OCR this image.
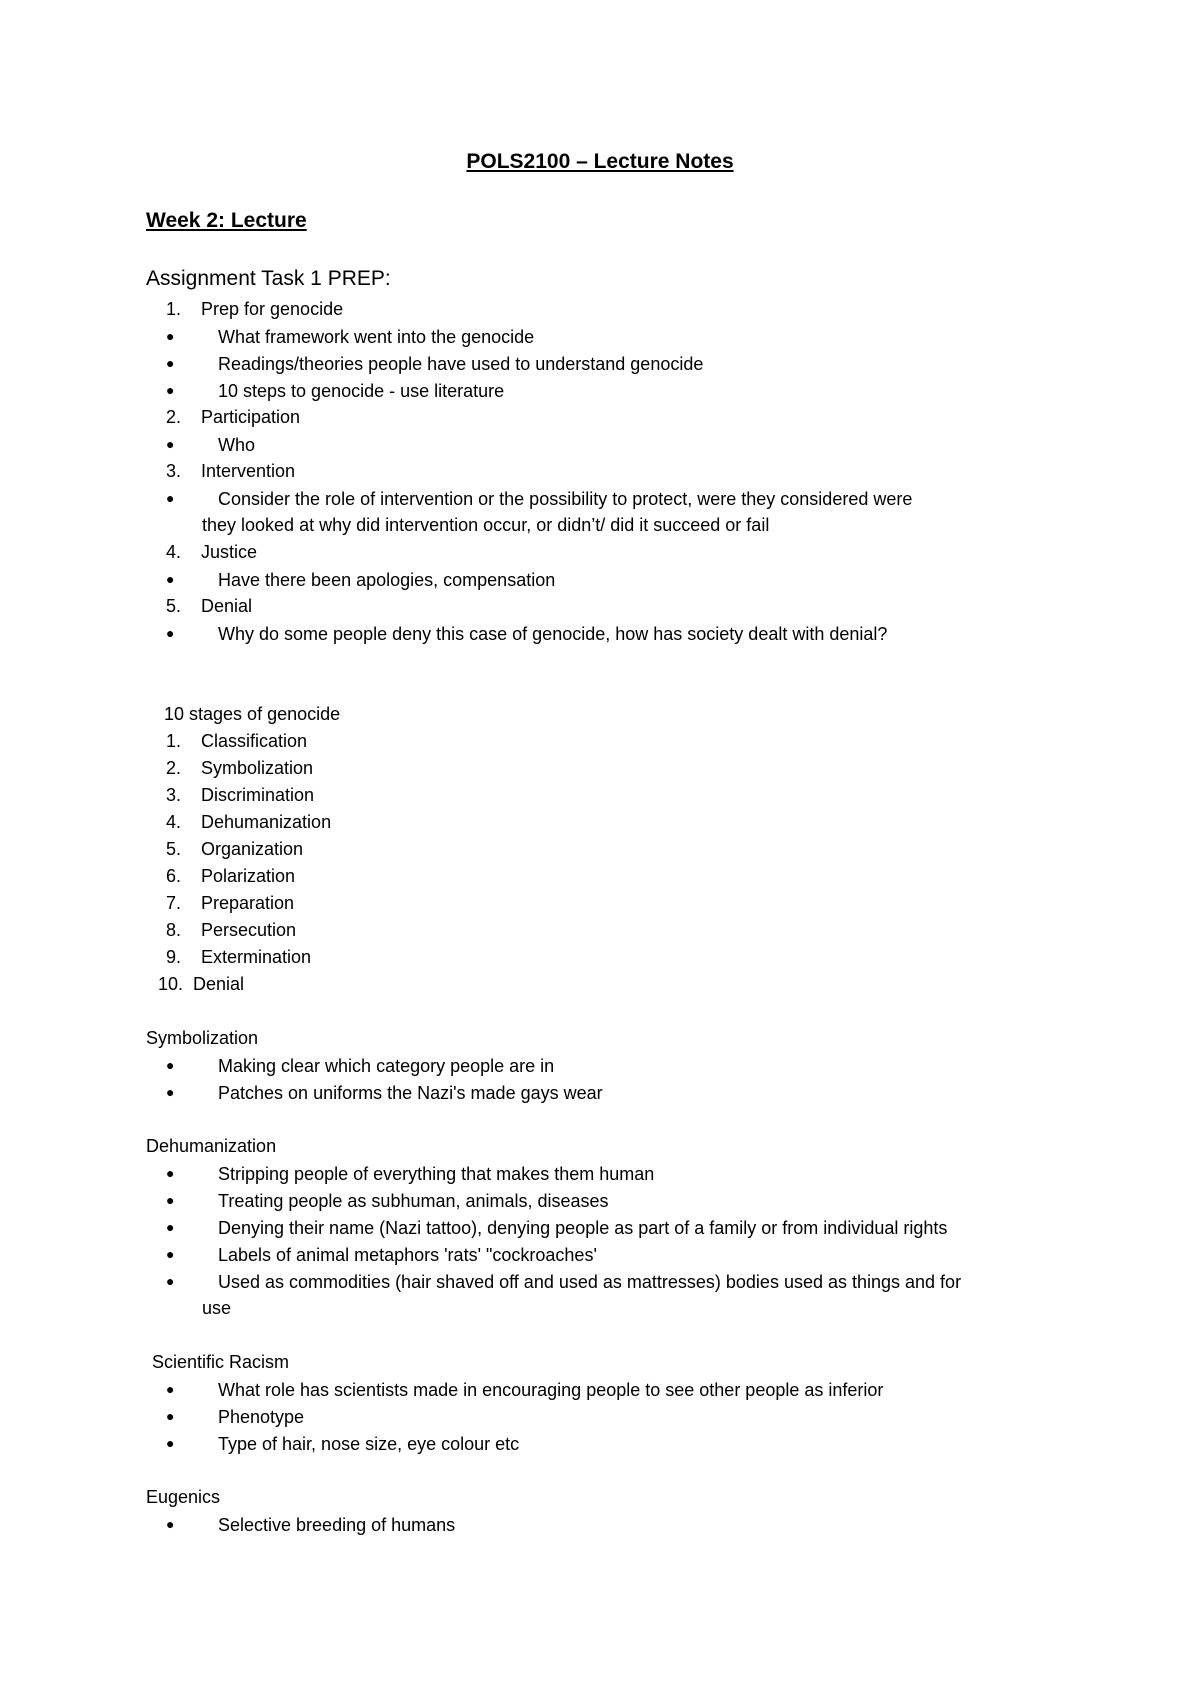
POLS2100 – Lecture Notes
Week 2: Lecture
Assignment Task 1 PREP:
1. Prep for genocide
● What framework went into the genocide
● Readings/theories people have used to understand genocide
● 10 steps to genocide - use literature
2. Participation
● Who
3. Intervention
● Consider the role of intervention or the possibility to protect, were they considered were
they looked at why did intervention occur, or didn’t/ did it succeed or fail
4. Justice
● Have there been apologies, compensation
5. Denial
● Why do some people deny this case of genocide, how has society dealt with denial?
10 stages of genocide
1. Classification
2. Symbolization
3. Discrimination
4. Dehumanization
5. Organization
6. Polarization
7. Preparation
8. Persecution
9. Extermination
10. Denial
Symbolization
● Making clear which category people are in
● Patches on uniforms the Nazi's made gays wear
Dehumanization
● Stripping people of everything that makes them human
● Treating people as subhuman, animals, diseases
● Denying their name (Nazi tattoo), denying people as part of a family or from individual rights
● Labels of animal metaphors 'rats' "cockroaches'
● Used as commodities (hair shaved off and used as mattresses) bodies used as things and for
use
Scientific Racism
● What role has scientists made in encouraging people to see other people as inferior
● Phenotype
● Type of hair, nose size, eye colour etc
Eugenics
● Selective breeding of humans
